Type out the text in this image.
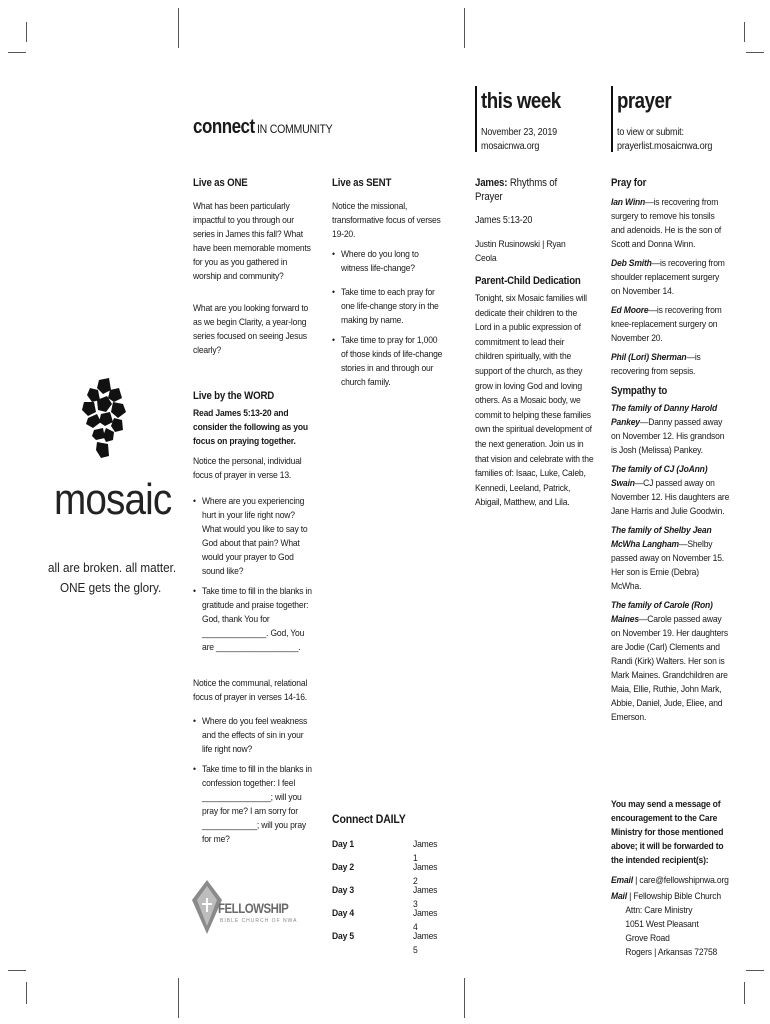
connect IN COMMUNITY
this week
November 23, 2019
mosaicnwa.org
prayer
to view or submit:
prayerlist.mosaicnwa.org
mosaic
all are broken. all matter.
ONE gets the glory.
Live as ONE
What has been particularly impactful to you through our series in James this fall? What have been memorable moments for you as you gathered in worship and community?
What are you looking forward to as we begin Clarity, a year-long series focused on seeing Jesus clearly?
Live as SENT
Notice the missional, transformative focus of verses 19-20.
• Where do you long to witness life-change?
• Take time to each pray for one life-change story in the making by name.
• Take time to pray for 1,000 of those kinds of life-change stories in and through our church family.
Live by the WORD
Read James 5:13-20 and consider the following as you focus on praying together.
Notice the personal, individual focus of prayer in verse 13.
• Where are you experiencing hurt in your life right now? What would you like to say to God about that pain? What would your prayer to God sound like?
• Take time to fill in the blanks in gratitude and praise together: God, thank You for ______________. God, You are __________________.
Notice the communal, relational focus of prayer in verses 14-16.
• Where do you feel weakness and the effects of sin in your life right now?
• Take time to fill in the blanks in confession together: I feel _______________; will you pray for me? I am sorry for ____________; will you pray for me?
FELLOWSHIP
BIBLE CHURCH OF NWA
Connect DAILY
Day 1	James 1
Day 2	James 2
Day 3	James 3
Day 4	James 4
Day 5	James 5
James: Rhythms of Prayer
James 5:13-20
Justin Rusinowski | Ryan Ceola
Parent-Child Dedication
Tonight, six Mosaic families will dedicate their children to the Lord in a public expression of commitment to lead their children spiritually, with the support of the church, as they grow in loving God and loving others. As a Mosaic body, we commit to helping these families own the spiritual development of the next generation. Join us in that vision and celebrate with the families of: Isaac, Luke, Caleb, Kennedi, Leeland, Patrick, Abigail, Matthew, and Lila.
Pray for

Ian Winn—is recovering from surgery to remove his tonsils and adenoids. He is the son of Scott and Donna Winn.

Deb Smith—is recovering from shoulder replacement surgery on November 14.

Ed Moore—is recovering from knee-replacement surgery on November 20.

Phil (Lori) Sherman—is recovering from sepsis.

Sympathy to

The family of Danny Harold Pankey—Danny passed away on November 12. His grandson is Josh (Melissa) Pankey.

The family of CJ (JoAnn) Swain—CJ passed away on November 12. His daughters are Jane Harris and Julie Goodwin.

The family of Shelby Jean McWha Langham—Shelby passed away on November 15. Her son is Ernie (Debra) McWha.

The family of Carole (Ron) Maines—Carole passed away on November 19. Her daughters are Jodie (Carl) Clements and Randi (Kirk) Walters. Her son is Mark Maines. Grandchildren are Maia, Ellie, Ruthie, John Mark, Abbie, Daniel, Jude, Eliee, and Emerson.

You may send a message of encouragement to the Care Ministry for those mentioned above; it will be forwarded to the intended recipient(s):
Email | care@fellowshipnwa.org
Mail | Fellowship Bible Church
Attn: Care Ministry
1051 West Pleasant Grove Road
Rogers | Arkansas 72758
